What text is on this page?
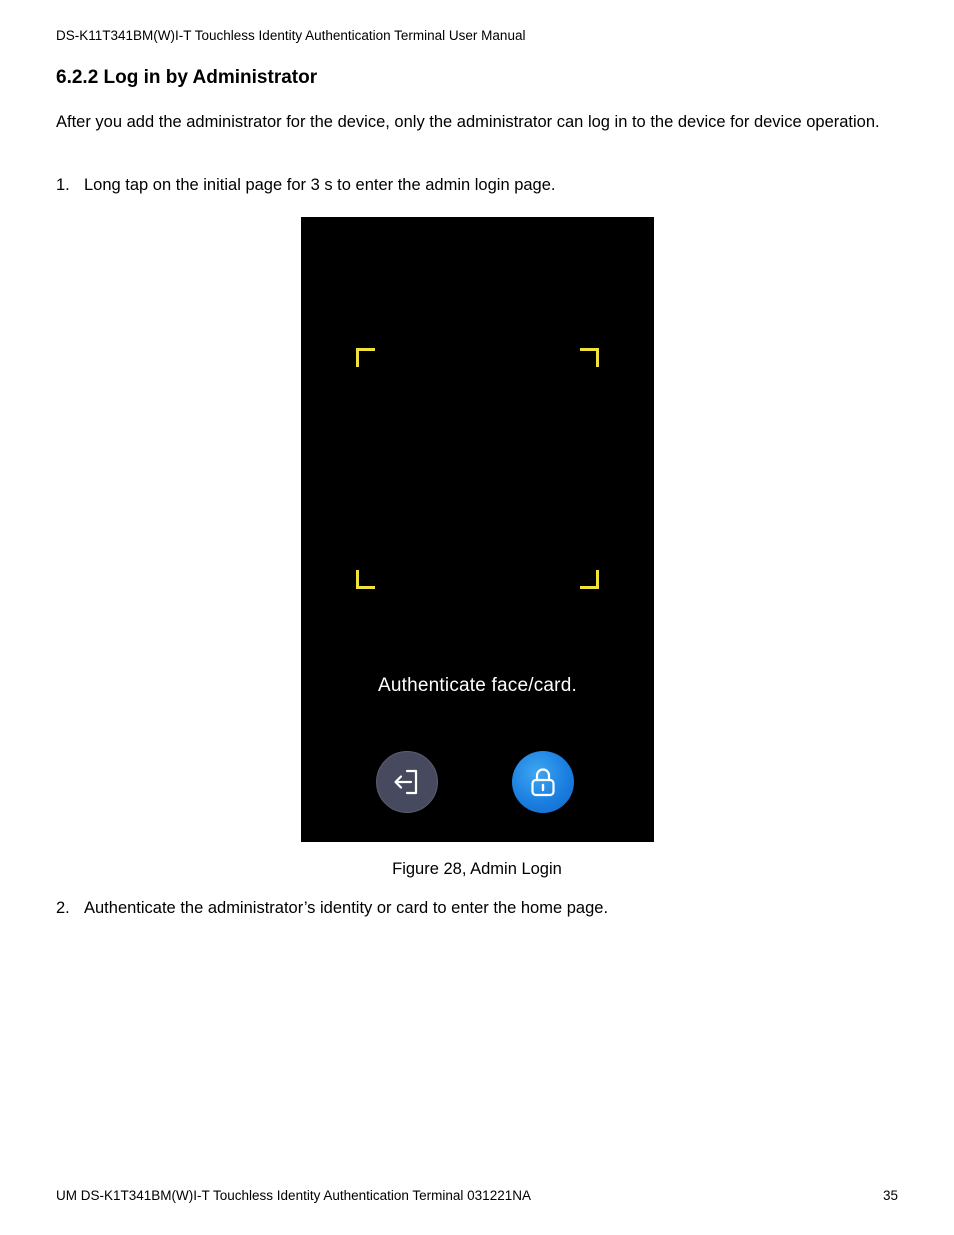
DS-K11T341BM(W)I-T Touchless Identity Authentication Terminal User Manual
6.2.2 Log in by Administrator

After you add the administrator for the device, only the administrator can log in to the device for device operation.

1. Long tap on the initial page for 3 s to enter the admin login page.

Authenticate face/card.
Figure 28, Admin Login

2. Authenticate the administrator’s identity or card to enter the home page.

UM DS-K1T341BM(W)I-T Touchless Identity Authentication Terminal 031221NA	35
